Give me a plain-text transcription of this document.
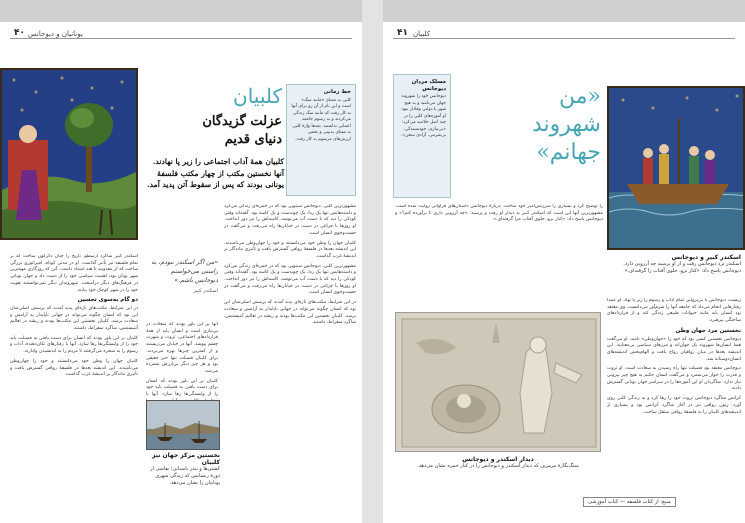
۴۰ یونانیان و دیوجانس
خط زمانی
کلبی به معنای «مانند سگ» است و این نام از آن رو برای آنها به کار رفت که مانند سگ زندگی می‌کردند و به رسوم جامعه اعتنایی نداشتند. بعدها واژهٔ کلبی به معنای بدبینی و تحقیر ارزش‌های مرسوم به کار رفت.
کلبیان
عزلت گزیدگان
دنیای قدیم
کلبیان همهٔ آداب اجتماعی را زیر پا نهادند. آنها نخستین مکتب از چهار مکتب فلسفهٔ یونانی بودند که پس از سقوط آتن پدید آمد.

مشهورترین کلبی، دیوجانس سینوپی بود که در خمره‌ای زندگی می‌کرد و داشته‌هایش تنها یک ردا، یک چوبدست و یک کاسه بود. گفته‌اند وقتی کودکی را دید که با دست آب می‌نوشد، کاسه‌اش را نیز دور انداخت. او روزها با چراغی در دست در خیابان‌ها راه می‌رفت و می‌گفت در جست‌وجوی انسان است.

کلبیان جهان را وطن خود می‌دانستند و خود را جهان‌وطن می‌نامیدند. این اندیشه بعدها در فلسفهٔ رواقی گسترش یافت و تأثیری ماندگار بر اندیشهٔ غرب گذاشت.

مشهورترین کلبی، دیوجانس سینوپی بود که در خمره‌ای زندگی می‌کرد و داشته‌هایش تنها یک ردا، یک چوبدست و یک کاسه بود. گفته‌اند وقتی کودکی را دید که با دست آب می‌نوشد، کاسه‌اش را نیز دور انداخت. او روزها با چراغی در دست در خیابان‌ها راه می‌رفت و می‌گفت در جست‌وجوی انسان است.

در این شرایط، مکتب‌های تازه‌ای پدید آمدند که پرسش اصلی‌شان این بود که انسان چگونه می‌تواند در جهانی ناپایدار به آرامش و سعادت برسد. کلبیان نخستین این مکتب‌ها بودند و ریشه در تعالیم آنتیستنس، شاگرد سقراط، داشتند.

«من اگر اسکندر نبودم، به راستی می‌خواستم دیوجانس باشم.»
اسکندر کبیر

آنها بر این باور بودند که سعادت در بی‌نیازی است و انسان باید از همهٔ قراردادهای اجتماعی، ثروت و شهرت چشم بپوشد. آنها در خیابان می‌زیستند و از کمترین چیزها بهره می‌بردند. برای کلبیان فضیلت تنها خیر حقیقی بود و هر چیز دیگر بی‌ارزش شمرده می‌شد.

کلبیان بر این باور بودند که انسان برای دست یافتن به فضیلت باید خود را از وابستگی‌ها رها سازد. آنها با

اسکندر کبیر شاگرد ارسطو، تاریخ را چنان دگرگون ساخت که بر تمام فلسفه نیز تأثیر گذاشت. او در مدتی کوتاه، امپراتوری بزرگی ساخت که از مقدونیه تا هند امتداد داشت. آتن که روزگاری مهمترین شهر یونان بود، اهمیت سیاسی خود را از دست داد و جهان یونانی در فرهنگ‌های دیگر درآمیخت. شهروندان دیگر نمی‌توانستند هویت خود را در شهر کوچک خود بیابند.

دو گام به‌سوی تحسین

در این شرایط، مکتب‌های تازه‌ای پدید آمدند که پرسش اصلی‌شان این بود که انسان چگونه می‌تواند در جهانی ناپایدار به آرامش و سعادت برسد. کلبیان نخستین این مکتب‌ها بودند و ریشه در تعالیم آنتیستنس، شاگرد سقراط، داشتند.

کلبیان بر این باور بودند که انسان برای دست یافتن به فضیلت باید خود را از وابستگی‌ها رها سازد. آنها با رفتارهای تکان‌دهنده، آداب و رسوم را به سخره می‌گرفتند تا مردم را به اندیشیدن وادارند.

کلبیان جهان را وطن خود می‌دانستند و خود را جهان‌وطن می‌نامیدند. این اندیشه بعدها در فلسفهٔ رواقی گسترش یافت و تأثیری ماندگار بر اندیشهٔ غرب گذاشت.

نخستین مرکز جهان نیز کلبیان
کشتی‌ها و بندر باستانی؛ نقاشی از دورهٔ رنسانس که زندگی شهری یونانیان را نشان می‌دهد.
۴۱ کلبیان
مسلک مردان دیوجانس
دیوجانس خود را شهروند جهان می‌نامید و به هیچ شهر یا دولتی وفادار نبود. او آموزه‌های کلبی را در چند اصل خلاصه می‌کرد: «بی‌نیازی، خودبسندگی، بی‌شرمی، آزادی سخن».
«من
شهروند
جهانم»
اسکندر کبیر و دیوجانس
اسکندر نزد دیوجانس رفت و از او پرسید چه آرزویی دارد. دیوجانس پاسخ داد: «کنار برو، جلوی آفتاب را گرفته‌ای.»

را توضیح کرد و بسیاری را سرزنش‌آمیز خود ساخت. دربارهٔ دیوجانس داستان‌های فراوانی روایت شده است. مشهورترین آنها این است که اسکندر کبیر به دیدار او رفت و پرسید: «چه آرزویی داری تا برآورده کنم؟» و دیوجانس پاسخ داد: «کنار برو، جلوی آفتاب مرا گرفته‌ای.»

دیدار اسکندر و دیوجانس
سنگ‌نگارهٔ مرمرین که دیدار اسکندر و دیوجانس را در کنار خمره نشان می‌دهد.

زیست، دیوجانس با بی‌پروایی تمام آداب و رسوم را زیر پا نهاد. او عمداً رفتارهایی انجام می‌داد که جامعه آنها را شرم‌آور می‌دانست. وی معتقد بود انسان باید مانند حیوانات طبیعی زندگی کند و از قراردادهای ساختگی بپرهیزد.

نخستین مرد جهان وطن

دیوجانس نخستین کسی بود که خود را «جهان‌وطن» نامید. او می‌گفت همهٔ انسان‌ها شهروند یک جهان‌اند و مرزهای سیاسی بی‌معنایند. این اندیشه بعدها در میان رواقیان رواج یافت و الهام‌بخش اندیشه‌های انسان‌دوستانه شد.

دیوجانس معتقد بود فضیلت تنها راه رسیدن به سعادت است. او ثروت و قدرت را خوار می‌شمرد و می‌گفت انسان حکیم به هیچ چیز بیرونی نیاز ندارد. شاگردان او این آموزه‌ها را در سراسر جهان یونانی گسترش دادند.

کراتس شاگرد دیوجانس ثروت خود را رها کرد و به زندگی کلبی روی آورد. زنون رواقی نیز در آغاز شاگرد کراتس بود و بسیاری از اندیشه‌های کلبیان را به فلسفهٔ رواقی منتقل ساخت.

منبع: از کتاب فلسفه — کتاب آموزشی
